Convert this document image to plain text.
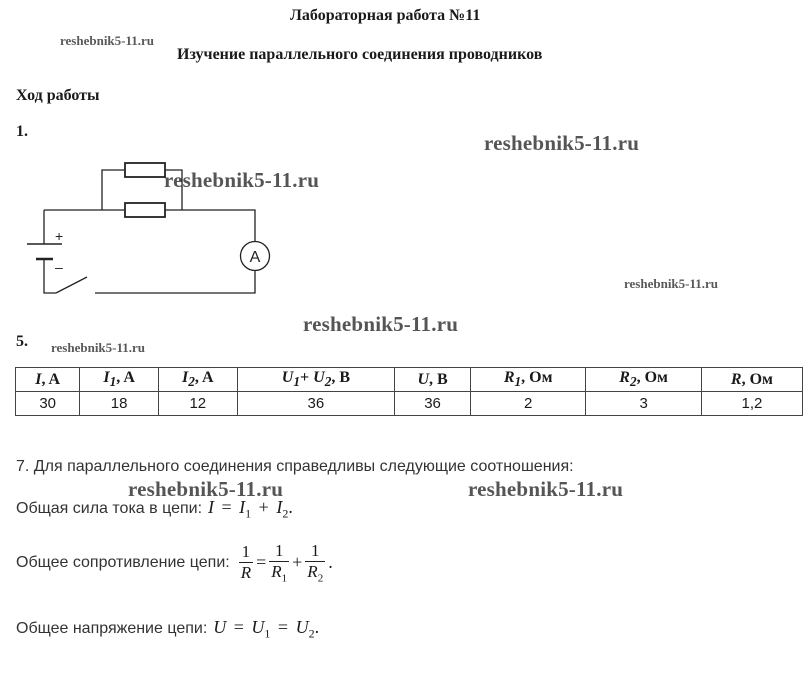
Лабораторная работа №11
reshebnik5-11.ru
Изучение параллельного соединения проводников
Ход работы
1.	reshebnik5-11.ru
reshebnik5-11.ru
reshebnik5-11.ru
A
+
–
reshebnik5-11.ru
5. reshebnik5-11.ru
I, A	$I_1$, A	$I_2$, A	$U_1+ U_2$, B	U, B	$R_1$, Ом	$R_2$, Ом	R, Ом
30	18	12	36	36	2	3	1,2
7. Для параллельного соединения справедливы следующие соотношения:
reshebnik5-11.ru	reshebnik5-11.ru
Общая сила тока в цепи: $I = I_1 + I_2$.
Общее сопротивление цепи: $\frac{1}{R} = \frac{1}{R_1} + \frac{1}{R_2}$ .
Общее напряжение цепи: $U = U_1 = U_2$.
